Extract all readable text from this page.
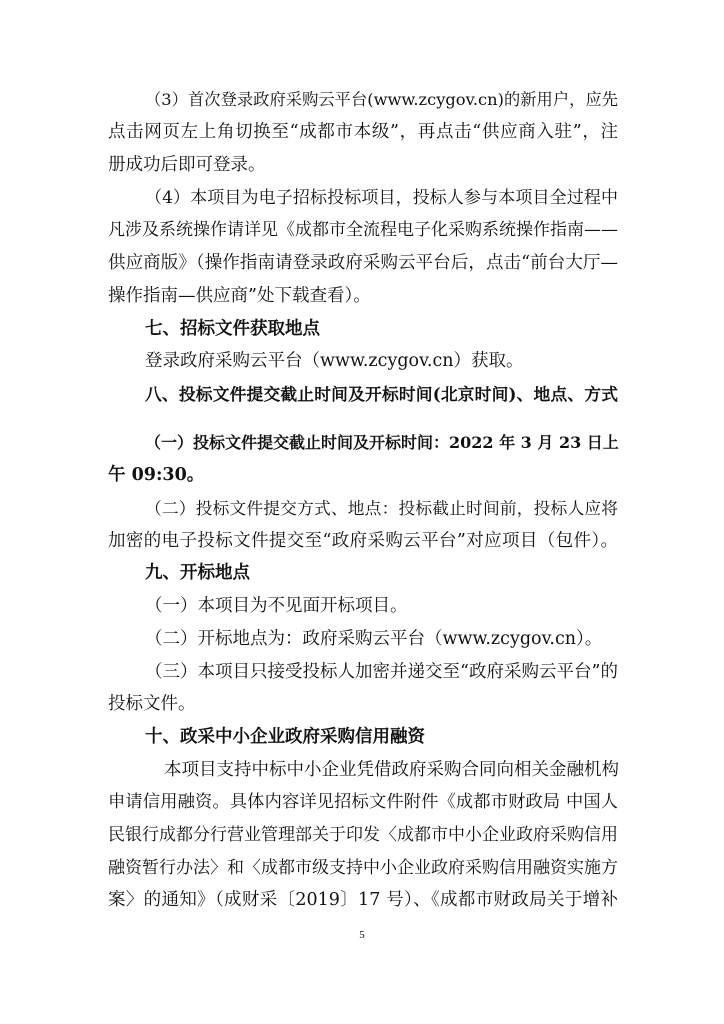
（3）首次登录政府采购云平台(www.zcygov.cn)的新用户，应先
点击网页左上角切换至“成都市本级”，再点击“供应商入驻”，注
册成功后即可登录。
（4）本项目为电子招标投标项目，投标人参与本项目全过程中
凡涉及系统操作请详见《成都市全流程电子化采购系统操作指南——
供应商版》（操作指南请登录政府采购云平台后，点击“前台大厅—
操作指南—供应商”处下载查看）。
七、招标文件获取地点
登录政府采购云平台（www.zcygov.cn）获取。
八、投标文件提交截止时间及开标时间(北京时间)、地点、方式
（一）投标文件提交截止时间及开标时间：2022 年 3 月 23 日上
午 09:30。
（二）投标文件提交方式、地点：投标截止时间前，投标人应将
加密的电子投标文件提交至“政府采购云平台”对应项目（包件）。
九、开标地点
（一）本项目为不见面开标项目。
（二）开标地点为：政府采购云平台（www.zcygov.cn）。
（三）本项目只接受投标人加密并递交至“政府采购云平台”的
投标文件。
十、政采中小企业政府采购信用融资
本项目支持中标中小企业凭借政府采购合同向相关金融机构
申请信用融资。具体内容详见招标文件附件《成都市财政局 中国人
民银行成都分行营业管理部关于印发〈成都市中小企业政府采购信用
融资暂行办法〉和〈成都市级支持中小企业政府采购信用融资实施方
案〉的通知》（成财采〔2019〕17 号）、《成都市财政局关于增补
5
